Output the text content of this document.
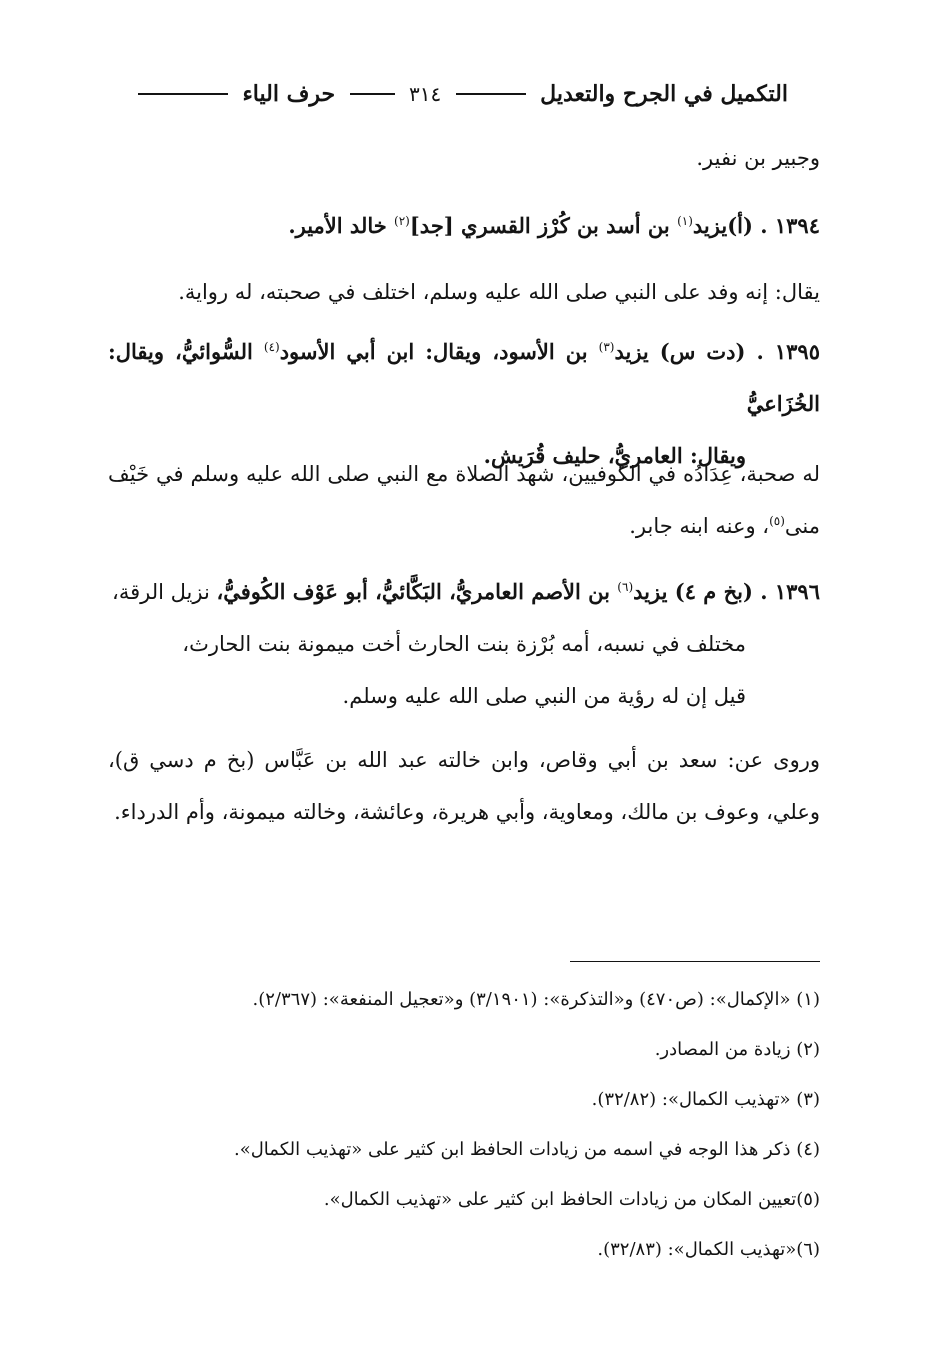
التكميل في الجرح والتعديل
٣١٤
حرف الياء
وجبير بن نفير.
١٣٩٤ . (أ)يزيد$^{(١)}$ بن أسد بن كُرْز القسري [جد]$^{(٢)}$ خالد الأمير.
يقال: إنه وفد على النبي صلى الله عليه وسلم، اختلف في صحبته، له رواية.
١٣٩٥ . (دت س) يزيد$^{(٣)}$ بن الأسود، ويقال: ابن أبي الأسود$^{(٤)}$ السُّوائيُّ، ويقال: الخُزَاعيُّ
ويقال: العامريُّ، حليف قُرَيش.
له صحبة، عِدَادُه في الكوفيين، شهد الصلاة مع النبي صلى الله عليه وسلم في خَيْف منى$^{(٥)}$، وعنه ابنه جابر.
١٣٩٦ . (بخ م ٤) يزيد$^{(٦)}$ بن الأصم العامريُّ، البَكَّائيُّ، أبو عَوْف الكُوفيُّ، نزيل الرقة،
مختلف في نسبه، أمه بُرْزة بنت الحارث أخت ميمونة بنت الحارث،
قيل إن له رؤية من النبي صلى الله عليه وسلم.
وروى عن: سعد بن أبي وقاص، وابن خالته عبد الله بن عَبَّاس (بخ م دسي ق)، وعلي، وعوف بن مالك، ومعاوية، وأبي هريرة، وعائشة، وخالته ميمونة، وأم الدرداء.
(١) «الإكمال»: (ص٤٧٠) و«التذكرة»: (٣/١٩٠١) و«تعجيل المنفعة»: (٢/٣٦٧).
(٢) زيادة من المصادر.
(٣) «تهذيب الكمال»: (٣٢/٨٢).
(٤) ذكر هذا الوجه في اسمه من زيادات الحافظ ابن كثير على «تهذيب الكمال».
(٥)تعيين المكان من زيادات الحافظ ابن كثير على «تهذيب الكمال».
(٦)«تهذيب الكمال»: (٣٢/٨٣).
